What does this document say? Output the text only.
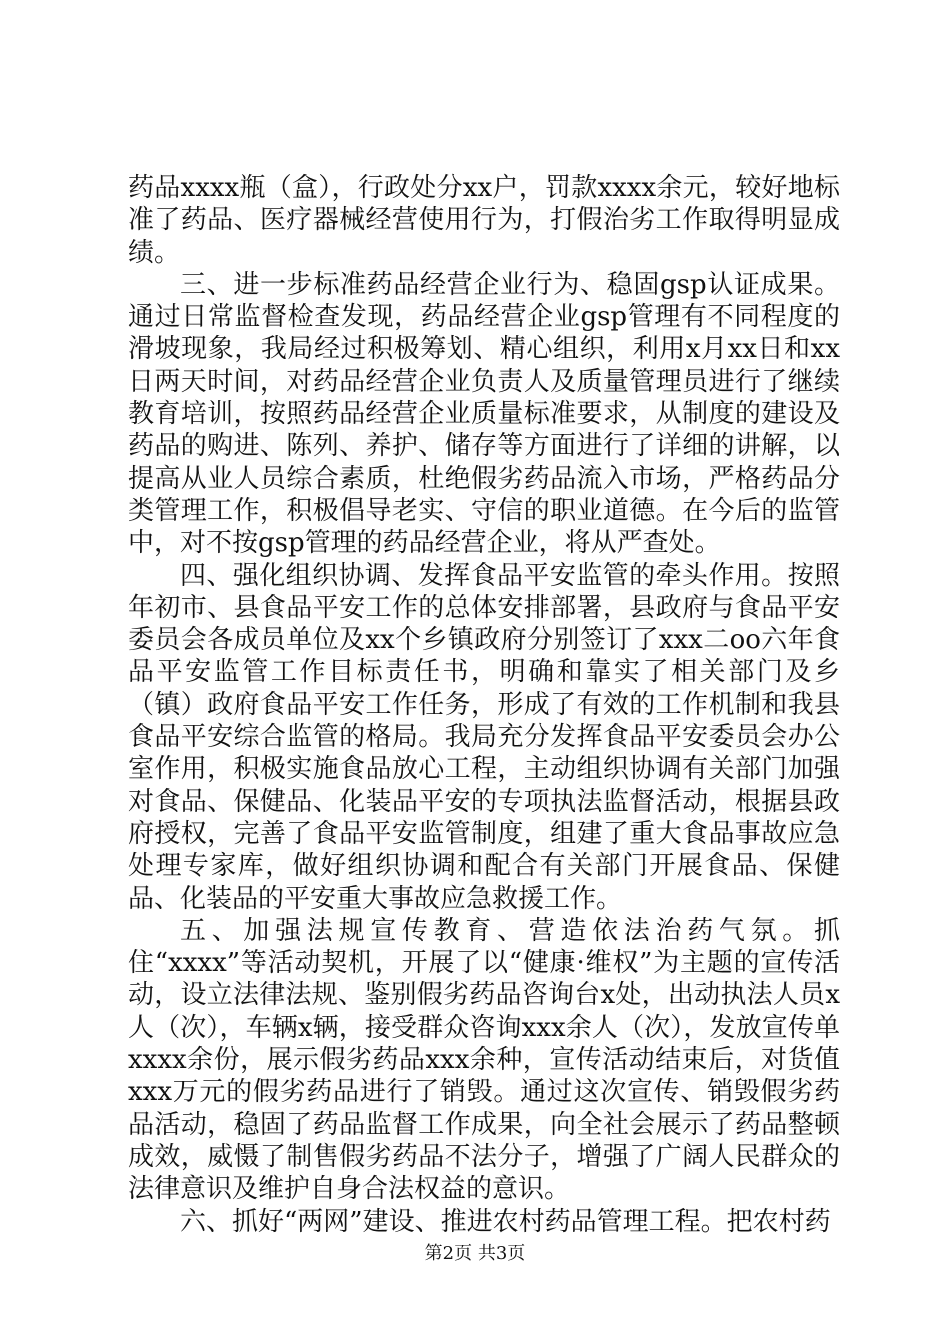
药品xxxx瓶（盒），行政处分xx户，罚款xxxx余元，较好地标准了药品、医疗器械经营使用行为，打假治劣工作取得明显成绩。

三、进一步标准药品经营企业行为、稳固gsp认证成果。通过日常监督检查发现，药品经营企业gsp管理有不同程度的滑坡现象，我局经过积极筹划、精心组织，利用x月xx日和xx日两天时间，对药品经营企业负责人及质量管理员进行了继续教育培训，按照药品经营企业质量标准要求，从制度的建设及药品的购进、陈列、养护、储存等方面进行了详细的讲解，以提高从业人员综合素质，杜绝假劣药品流入市场，严格药品分类管理工作，积极倡导老实、守信的职业道德。在今后的监管中，对不按gsp管理的药品经营企业，将从严查处。

四、强化组织协调、发挥食品平安监管的牵头作用。按照年初市、县食品平安工作的总体安排部署，县政府与食品平安委员会各成员单位及xx个乡镇政府分别签订了xxx二oo六年食品平安监管工作目标责任书，明确和靠实了相关部门及乡（镇）政府食品平安工作任务，形成了有效的工作机制和我县食品平安综合监管的格局。我局充分发挥食品平安委员会办公室作用，积极实施食品放心工程，主动组织协调有关部门加强对食品、保健品、化装品平安的专项执法监督活动，根据县政府授权，完善了食品平安监管制度，组建了重大食品事故应急处理专家库，做好组织协调和配合有关部门开展食品、保健品、化装品的平安重大事故应急救援工作。

五、加强法规宣传教育、营造依法治药气氛。抓住“xxxx”等活动契机，开展了以“健康·维权”为主题的宣传活动，设立法律法规、鉴别假劣药品咨询台x处，出动执法人员x人（次），车辆x辆，接受群众咨询xxx余人（次），发放宣传单xxxx余份，展示假劣药品xxx余种，宣传活动结束后，对货值xxx万元的假劣药品进行了销毁。通过这次宣传、销毁假劣药品活动，稳固了药品监督工作成果，向全社会展示了药品整顿成效，威慑了制售假劣药品不法分子，增强了广阔人民群众的法律意识及维护自身合法权益的意识。

六、抓好“两网”建设、推进农村药品管理工程。把农村药

第2页 共3页
